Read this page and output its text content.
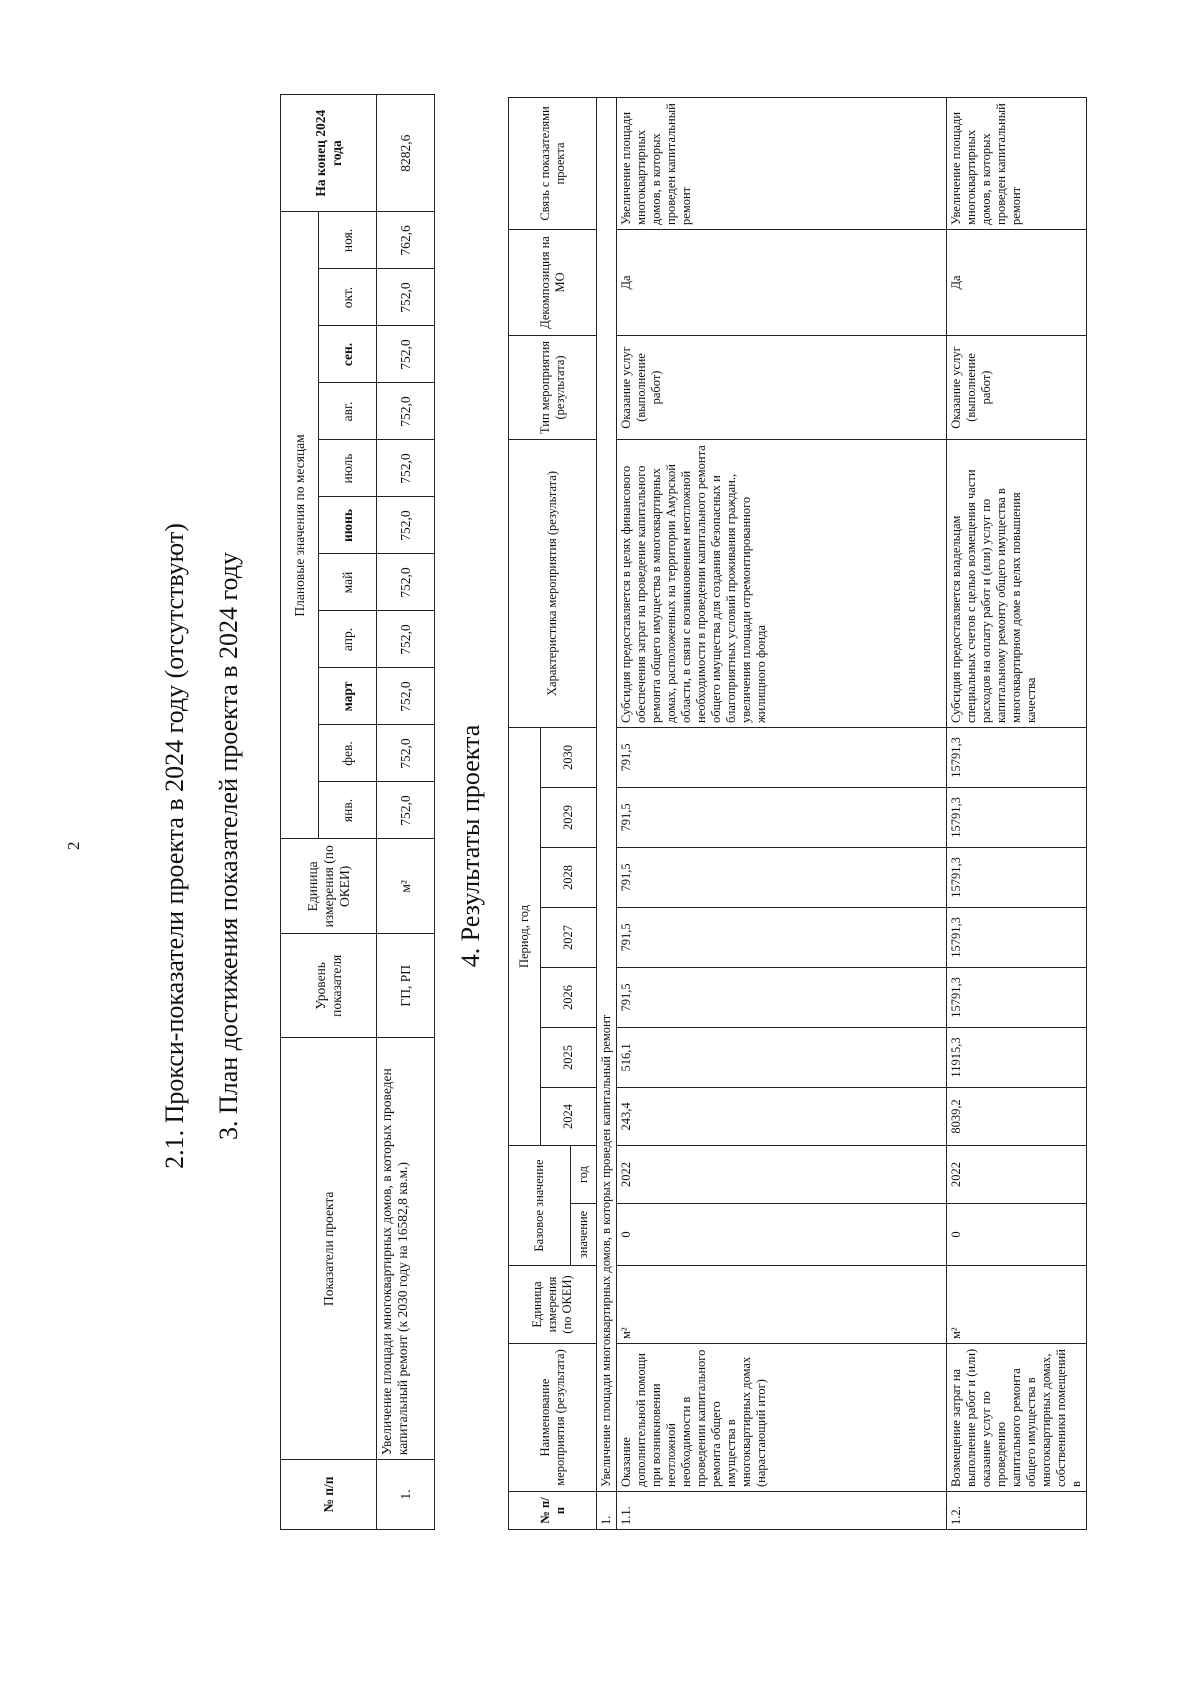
2	2.1. Прокси-показатели проекта в 2024 году (отсутствуют) 3. План достижения показателей проекта в 2024 году
№ п/п	Показатели проекта	Уровень показателя	Единица измерения (по ОКЕИ)	Плановые значения по месяцам											На конец 2024 года
				янв.	фев.	март	апр.	май	июнь	июль	авг.	сен.	окт.	ноя.	
1.	Увеличение площади многоквартирных домов, в которых проведен капитальный ремонт (к 2030 году на 16582,8 кв.м.)	ГП, РП	м²	752,0	752,0	752,0	752,0	752,0	752,0	752,0	752,0	752,0	752,0	762,6	8282,6
4. Результаты проекта
№ п/п	Наименование мероприятия (результата)	Единица измерения (по ОКЕИ)	Базовое значение		Период, год							Характеристика мероприятия (результата)	Тип мероприятия (результата)	Декомпозиция на МО	Связь с показателями проекта
					2024	2025	2026	2027	2028	2029	2030				
			значение	год											
1.	Увеличение площади многоквартирных домов, в которых проведен капитальный ремонт														
1.1.	Оказание дополнительной помощи при возникновении неотложной необходимости в проведении капитального ремонта общего имущества в многоквартирных домах (нарастающий итог)	м²	0	2022	243,4	516,1	791,5	791,5	791,5	791,5	791,5	Субсидия предоставляется в целях финансового обеспечения затрат на проведение капитального ремонта общего имущества в многоквартирных домах, расположенных на территории Амурской области, в связи с возникновением неотложной необходимости в проведении капитального ремонта общего имущества для создания безопасных и благоприятных условий проживания граждан., увеличения площади отремонтированного жилищного фонда	Оказание услуг (выполнение работ)	Да	Увеличение площади многоквартирных домов, в которых проведен капитальный ремонт
1.2.	Возмещение затрат на выполнение работ и (или) оказание услуг по проведению капитального ремонта общего имущества в многоквартирных домах, собственники помещений в	м²	0	2022	8039,2	11915,3	15791,3	15791,3	15791,3	15791,3	15791,3	Субсидия предоставляется владельцам специальных счетов с целью возмещения части расходов на оплату работ и (или) услуг по капитальному ремонту общего имущества в многоквартирном доме в целях повышения качества	Оказание услуг (выполнение работ)	Да	Увеличение площади многоквартирных домов, в которых проведен капитальный ремонт
